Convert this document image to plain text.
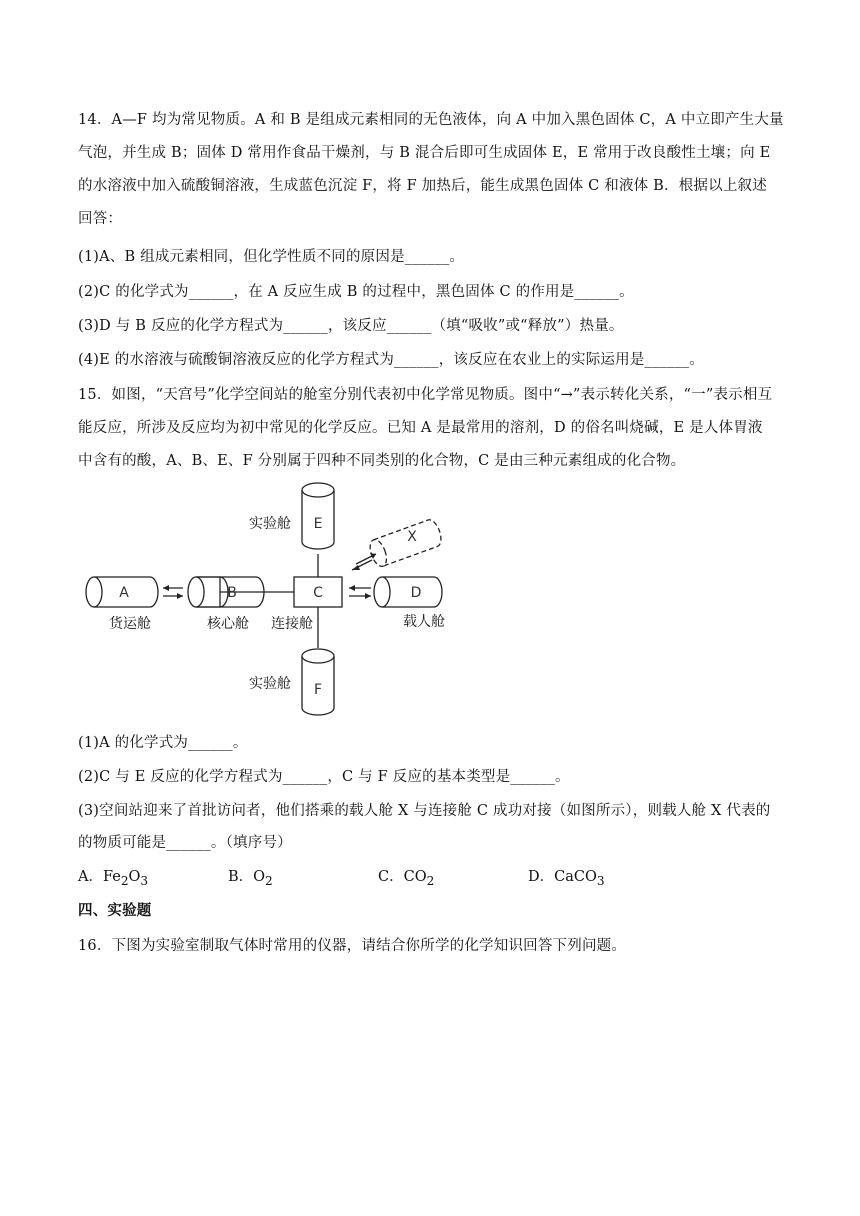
14．A—F 均为常见物质。A 和 B 是组成元素相同的无色液体，向 A 中加入黑色固体 C，A 中立即产生大量
气泡，并生成 B；固体 D 常用作食品干燥剂，与 B 混合后即可生成固体 E，E 常用于改良酸性土壤；向 E
的水溶液中加入硫酸铜溶液，生成蓝色沉淀 F，将 F 加热后，能生成黑色固体 C 和液体 B．根据以上叙述
回答：
(1)A、B 组成元素相同，但化学性质不同的原因是______。
(2)C 的化学式为______，在 A 反应生成 B 的过程中，黑色固体 C 的作用是______。
(3)D 与 B 反应的化学方程式为______，该反应______（填“吸收”或“释放”）热量。
(4)E 的水溶液与硫酸铜溶液反应的化学方程式为______，该反应在农业上的实际运用是______。
15．如图，“天宫号”化学空间站的舱室分别代表初中化学常见物质。图中“→”表示转化关系，“一”表示相互
能反应，所涉及反应均为初中常见的化学反应。已知 A 是最常用的溶剂，D 的俗名叫烧碱，E 是人体胃液
中含有的酸，A、B、E、F 分别属于四种不同类别的化合物，C 是由三种元素组成的化合物。
A	B	C	D
E
F
X
货运舱	核心舱 连接舱	载人舱
实验舱
实验舱
(1)A 的化学式为______。
(2)C 与 E 反应的化学方程式为______，C 与 F 反应的基本类型是______。
(3)空间站迎来了首批访问者，他们搭乘的载人舱 X 与连接舱 C 成功对接（如图所示），则载人舱 X 代表的
的物质可能是______。（填序号）
A．$Fe_2O_3$	B．$O_2$	C．$CO_2$	D．CaCO$_3$
四、实验题
16．下图为实验室制取气体时常用的仪器，请结合你所学的化学知识回答下列问题。
